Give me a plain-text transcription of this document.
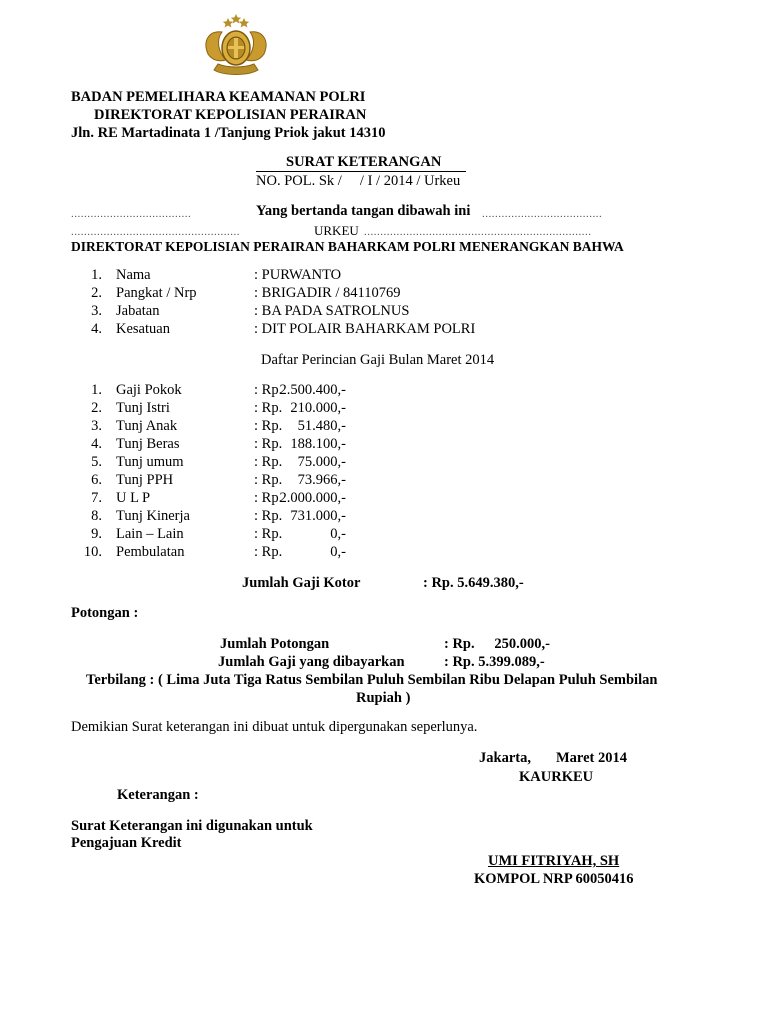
BADAN PEMELIHARA KEAMANAN POLRI
DIREKTORAT KEPOLISIAN PERAIRAN
Jln. RE Martadinata 1 /Tanjung Priok jakut 14310
SURAT KETERANGAN
NO. POL. Sk /     / I / 2014 / Urkeu
.....................................	Yang bertanda tangan dibawah ini .....................................
....................................................	URKEU ......................................................................
DIREKTORAT KEPOLISIAN PERAIRAN BAHARKAM POLRI MENERANGKAN BAHWA
1. Nama	: PURWANTO
2. Pangkat / Nrp	: BRIGADIR / 84110769
3. Jabatan	: BA PADA SATROLNUS
4. Kesatuan	: DIT POLAIR BAHARKAM POLRI
Daftar Perincian Gaji Bulan Maret 2014
1. Gaji Pokok	: Rp.2.500.400,-
2. Tunj Istri	: Rp. 210.000,-
3. Tunj Anak	: Rp. 51.480,-
4. Tunj Beras	: Rp. 188.100,-
5. Tunj umum	: Rp. 75.000,-
6. Tunj PPH	: Rp. 73.966,-
7. U L P	: Rp.2.000.000,-
8. Tunj Kinerja	: Rp. 731.000,-
9. Lain – Lain	: Rp.	0,-
10. Pembulatan	: Rp.	0,-
Jumlah Gaji Kotor	: Rp. 5.649.380,-
Potongan :
Jumlah Potongan	: Rp. 250.000,-
Jumlah Gaji yang dibayarkan	: Rp. 5.399.089,-
Terbilang : ( Lima Juta Tiga Ratus Sembilan Puluh Sembilan Ribu Delapan Puluh Sembilan
Rupiah )
Demikian Surat keterangan ini dibuat untuk dipergunakan seperlunya.
Jakarta, Maret 2014
KAURKEU
Keterangan :
Surat Keterangan ini digunakan untuk
Pengajuan Kredit
UMI FITRIYAH, SH
KOMPOL NRP 60050416
